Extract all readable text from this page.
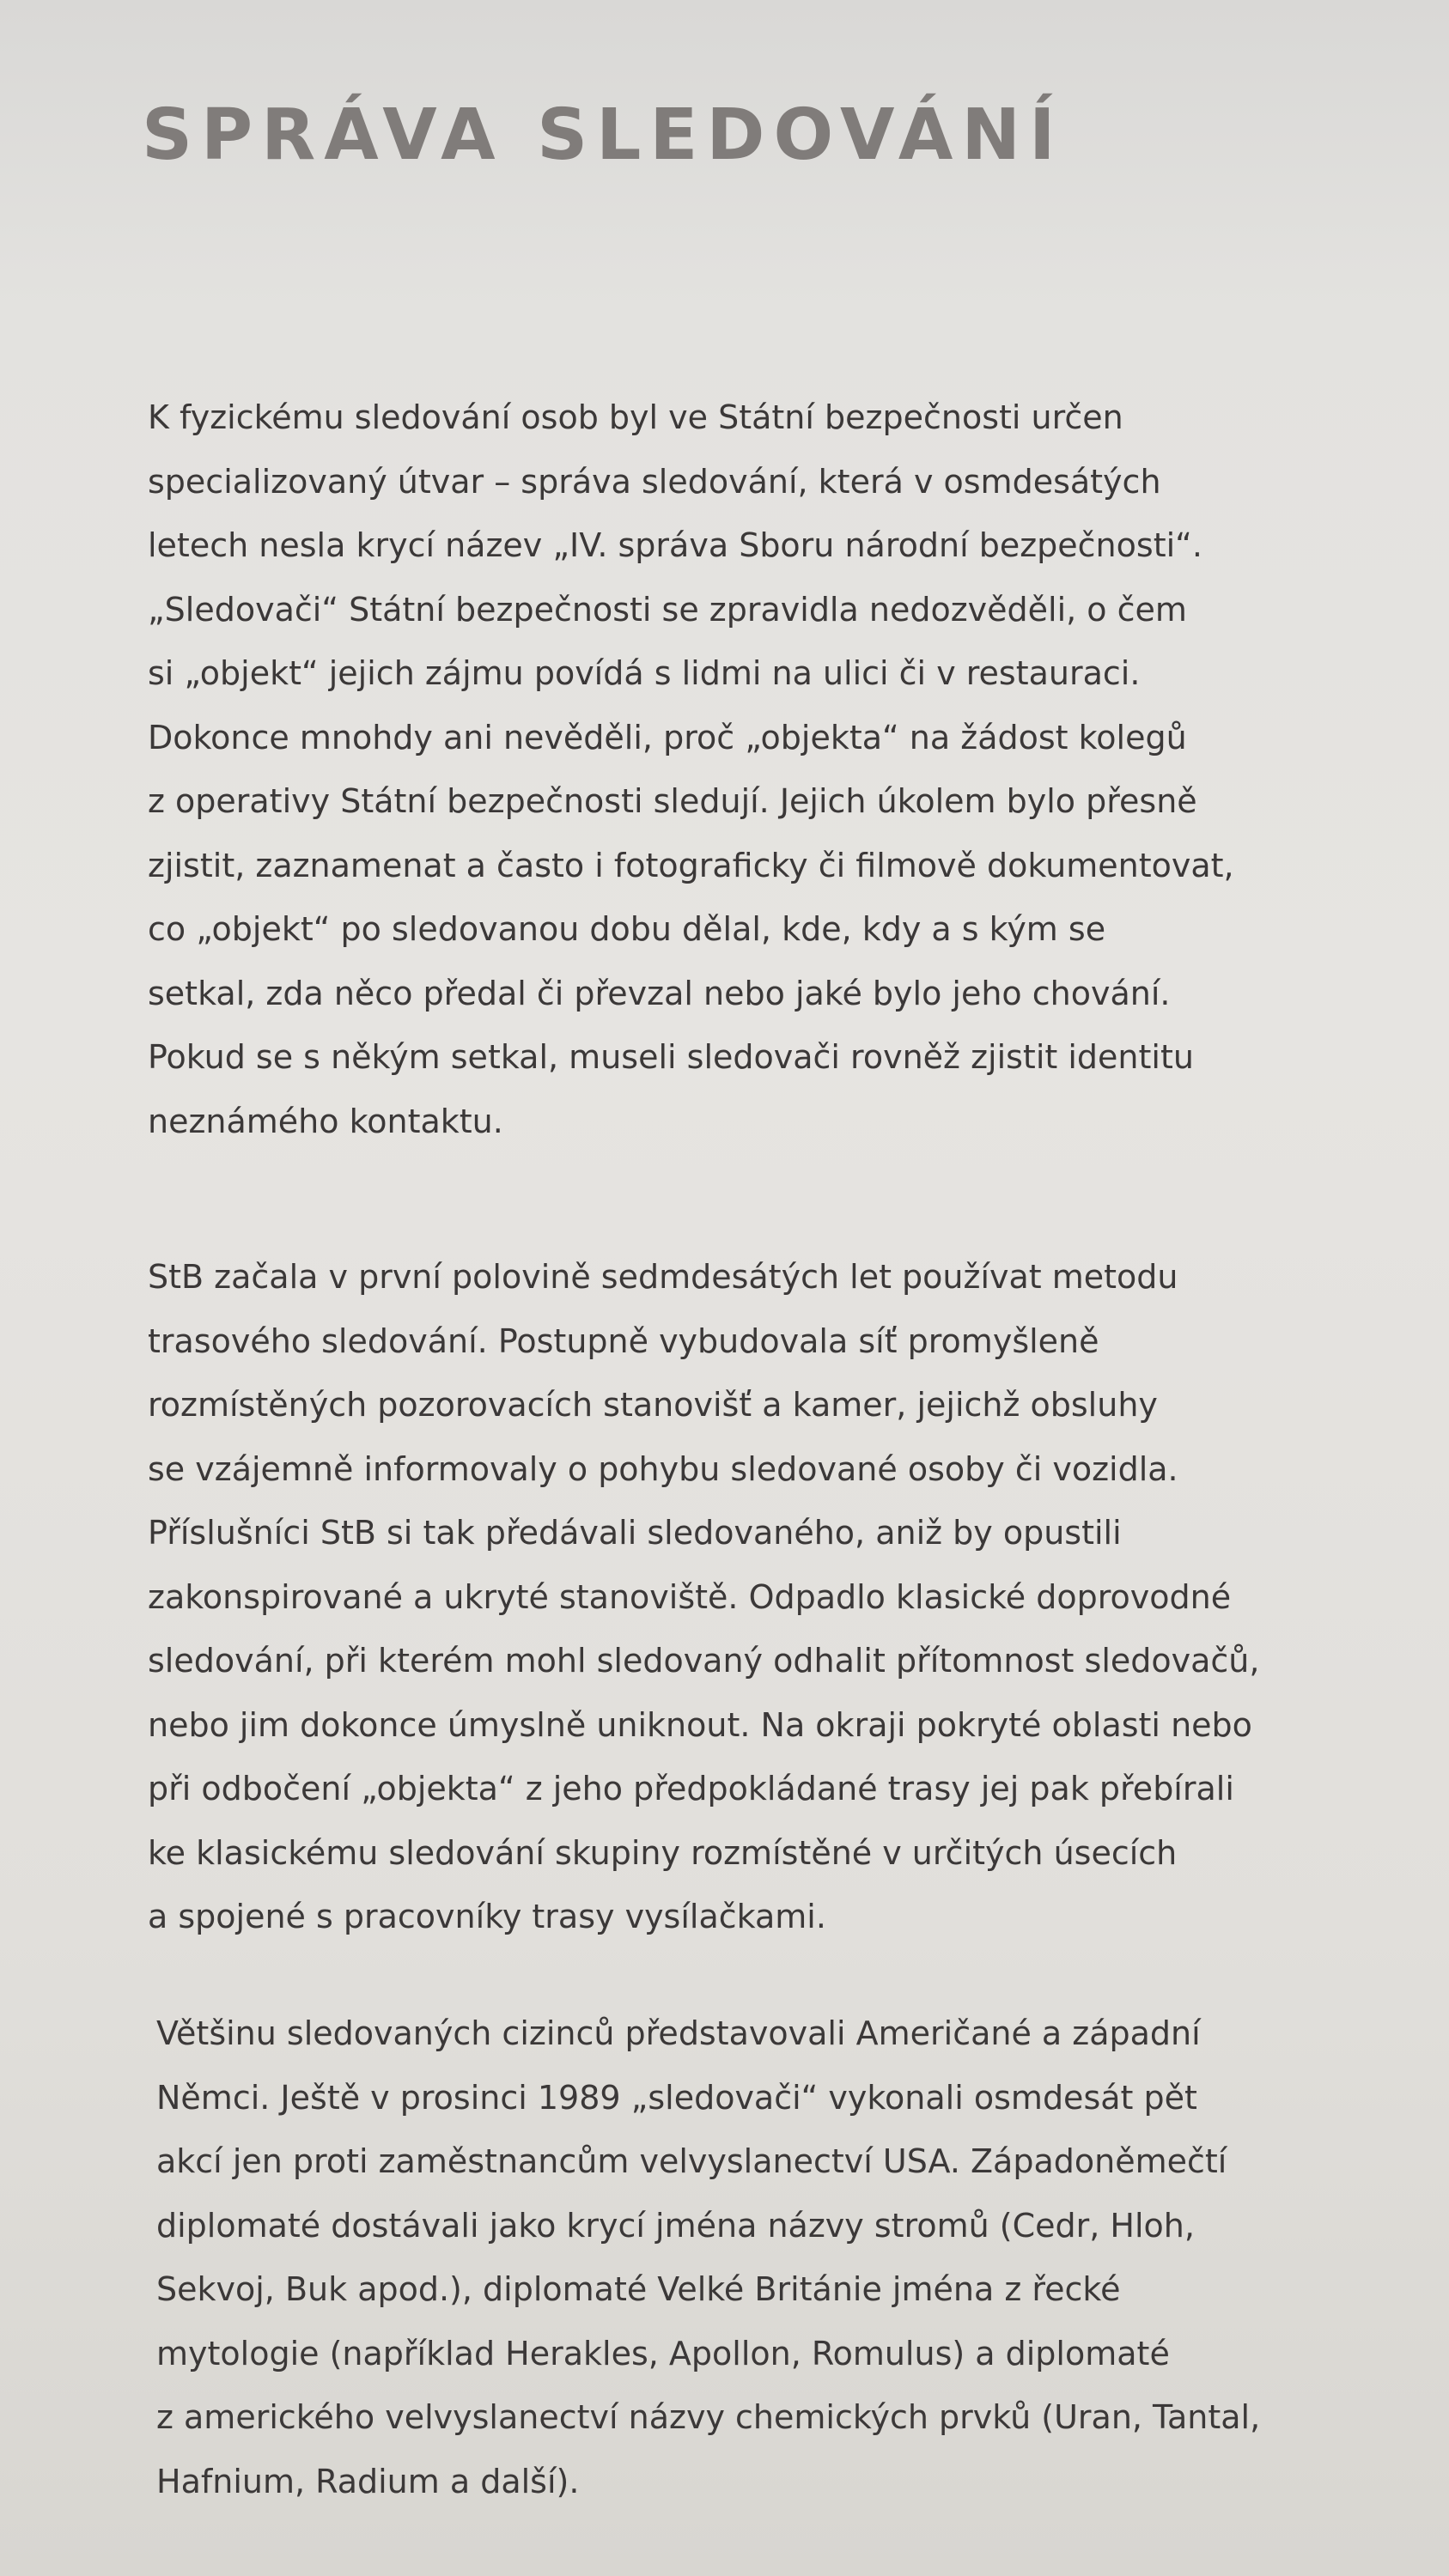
SPRÁVA SLEDOVÁNÍ

K fyzickému sledování osob byl ve Státní bezpečnosti určen
specializovaný útvar – správa sledování, která v osmdesátých
letech nesla krycí název „IV. správa Sboru národní bezpečnosti“.
„Sledovači“ Státní bezpečnosti se zpravidla nedozvěděli, o čem
si „objekt“ jejich zájmu povídá s lidmi na ulici či v restauraci.
Dokonce mnohdy ani nevěděli, proč „objekta“ na žádost kolegů
z operativy Státní bezpečnosti sledují. Jejich úkolem bylo přesně
zjistit, zaznamenat a často i fotograficky či filmově dokumentovat,
co „objekt“ po sledovanou dobu dělal, kde, kdy a s kým se
setkal, zda něco předal či převzal nebo jaké bylo jeho chování.
Pokud se s někým setkal, museli sledovači rovněž zjistit identitu
neznámého kontaktu.

StB začala v první polovině sedmdesátých let používat metodu
trasového sledování. Postupně vybudovala síť promyšleně
rozmístěných pozorovacích stanovišť a kamer, jejichž obsluhy
se vzájemně informovaly o pohybu sledované osoby či vozidla.
Příslušníci StB si tak předávali sledovaného, aniž by opustili
zakonspirované a ukryté stanoviště. Odpadlo klasické doprovodné
sledování, při kterém mohl sledovaný odhalit přítomnost sledovačů,
nebo jim dokonce úmyslně uniknout. Na okraji pokryté oblasti nebo
při odbočení „objekta“ z jeho předpokládané trasy jej pak přebírali
ke klasickému sledování skupiny rozmístěné v určitých úsecích
a spojené s pracovníky trasy vysílačkami.

Většinu sledovaných cizinců představovali Američané a západní
Němci. Ještě v prosinci 1989 „sledovači“ vykonali osmdesát pět
akcí jen proti zaměstnancům velvyslanectví USA. Západoněmečtí
diplomaté dostávali jako krycí jména názvy stromů (Cedr, Hloh,
Sekvoj, Buk apod.), diplomaté Velké Británie jména z řecké
mytologie (například Herakles, Apollon, Romulus) a diplomaté
z amerického velvyslanectví názvy chemických prvků (Uran, Tantal,
Hafnium, Radium a další).
